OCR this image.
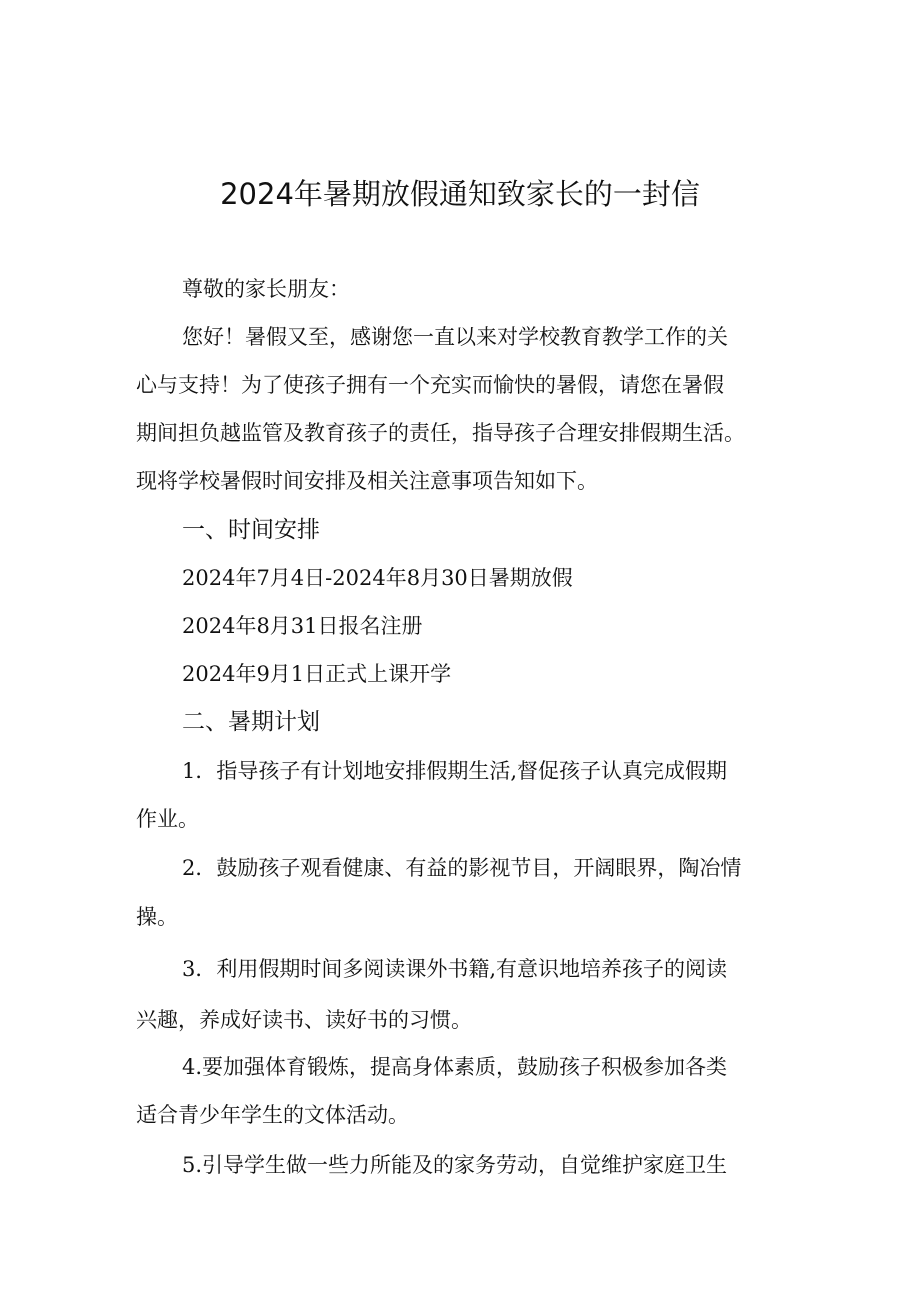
2024年暑期放假通知致家长的一封信
尊敬的家长朋友：
您好！暑假又至，感谢您一直以来对学校教育教学工作的关
心与支持！为了使孩子拥有一个充实而愉快的暑假，请您在暑假
期间担负越监管及教育孩子的责任，指导孩子合理安排假期生活。
现将学校暑假时间安排及相关注意事项告知如下。
一、时间安排
2024年7月4日-2024年8月30日暑期放假
2024年8月31日报名注册
2024年9月1日正式上课开学
二、暑期计划
1．指导孩子有计划地安排假期生活,督促孩子认真完成假期
作业。
2．鼓励孩子观看健康、有益的影视节目，开阔眼界，陶冶情
操。
3．利用假期时间多阅读课外书籍,有意识地培养孩子的阅读
兴趣，养成好读书、读好书的习惯。
4.要加强体育锻炼，提高身体素质，鼓励孩子积极参加各类
适合青少年学生的文体活动。
5.引导学生做一些力所能及的家务劳动，自觉维护家庭卫生
